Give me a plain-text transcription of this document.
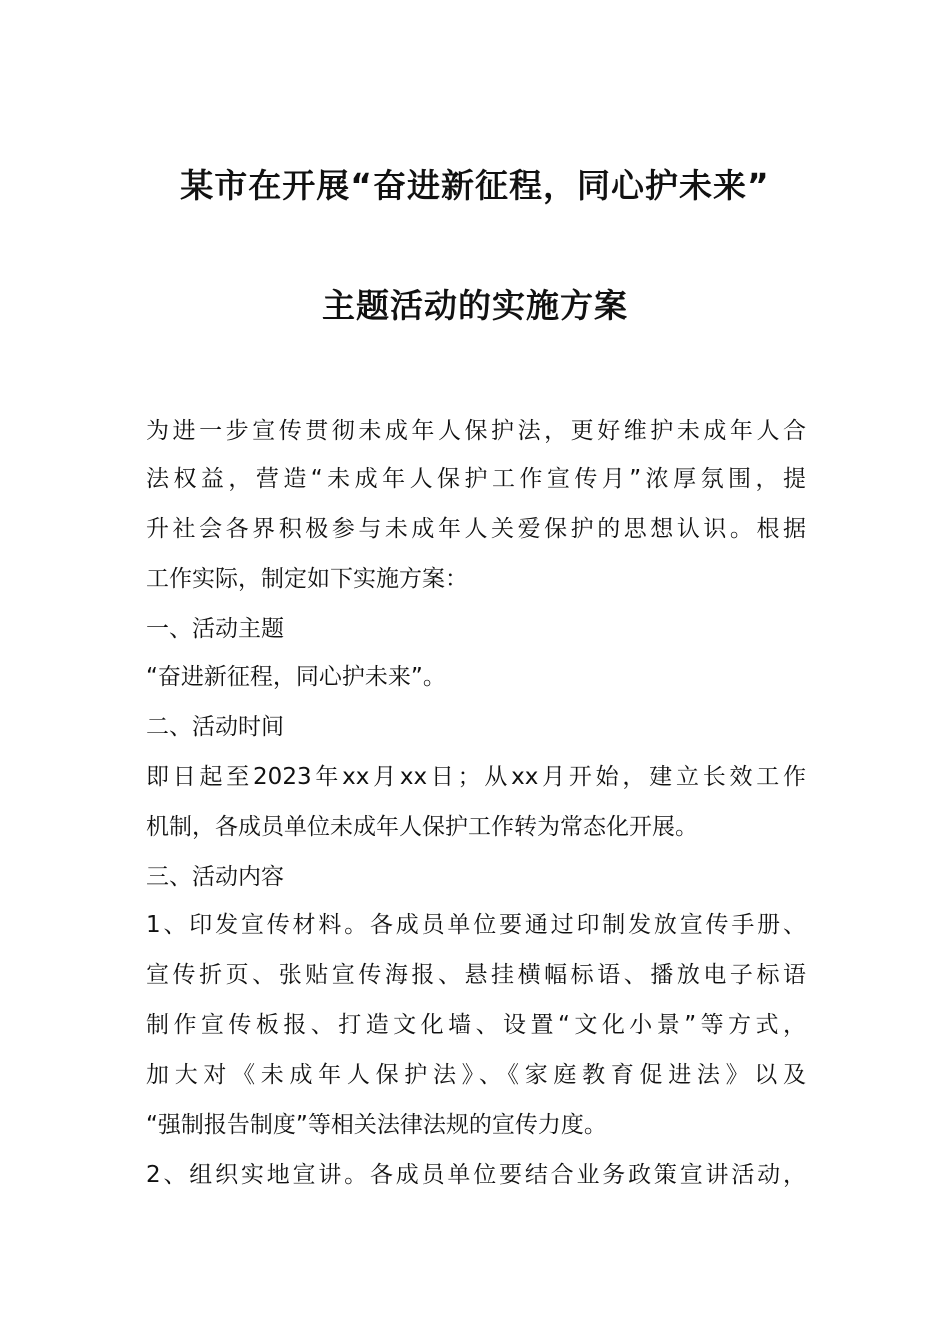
某市在开展“奋进新征程，同心护未来”
主题活动的实施方案
为进一步宣传贯彻未成年人保护法，更好维护未成年人合
法权益，营造“未成年人保护工作宣传月”浓厚氛围，提
升社会各界积极参与未成年人关爱保护的思想认识。根据
工作实际，制定如下实施方案：
一、活动主题
“奋进新征程，同心护未来”。
二、活动时间
即日起至2023年xx月xx日；从xx月开始，建立长效工作
机制，各成员单位未成年人保护工作转为常态化开展。
三、活动内容
1、印发宣传材料。各成员单位要通过印制发放宣传手册、
宣传折页、张贴宣传海报、悬挂横幅标语、播放电子标语
制作宣传板报、打造文化墙、设置“文化小景”等方式，
加大对《未成年人保护法》、《家庭教育促进法》以及
“强制报告制度”等相关法律法规的宣传力度。
2、组织实地宣讲。各成员单位要结合业务政策宣讲活动，
